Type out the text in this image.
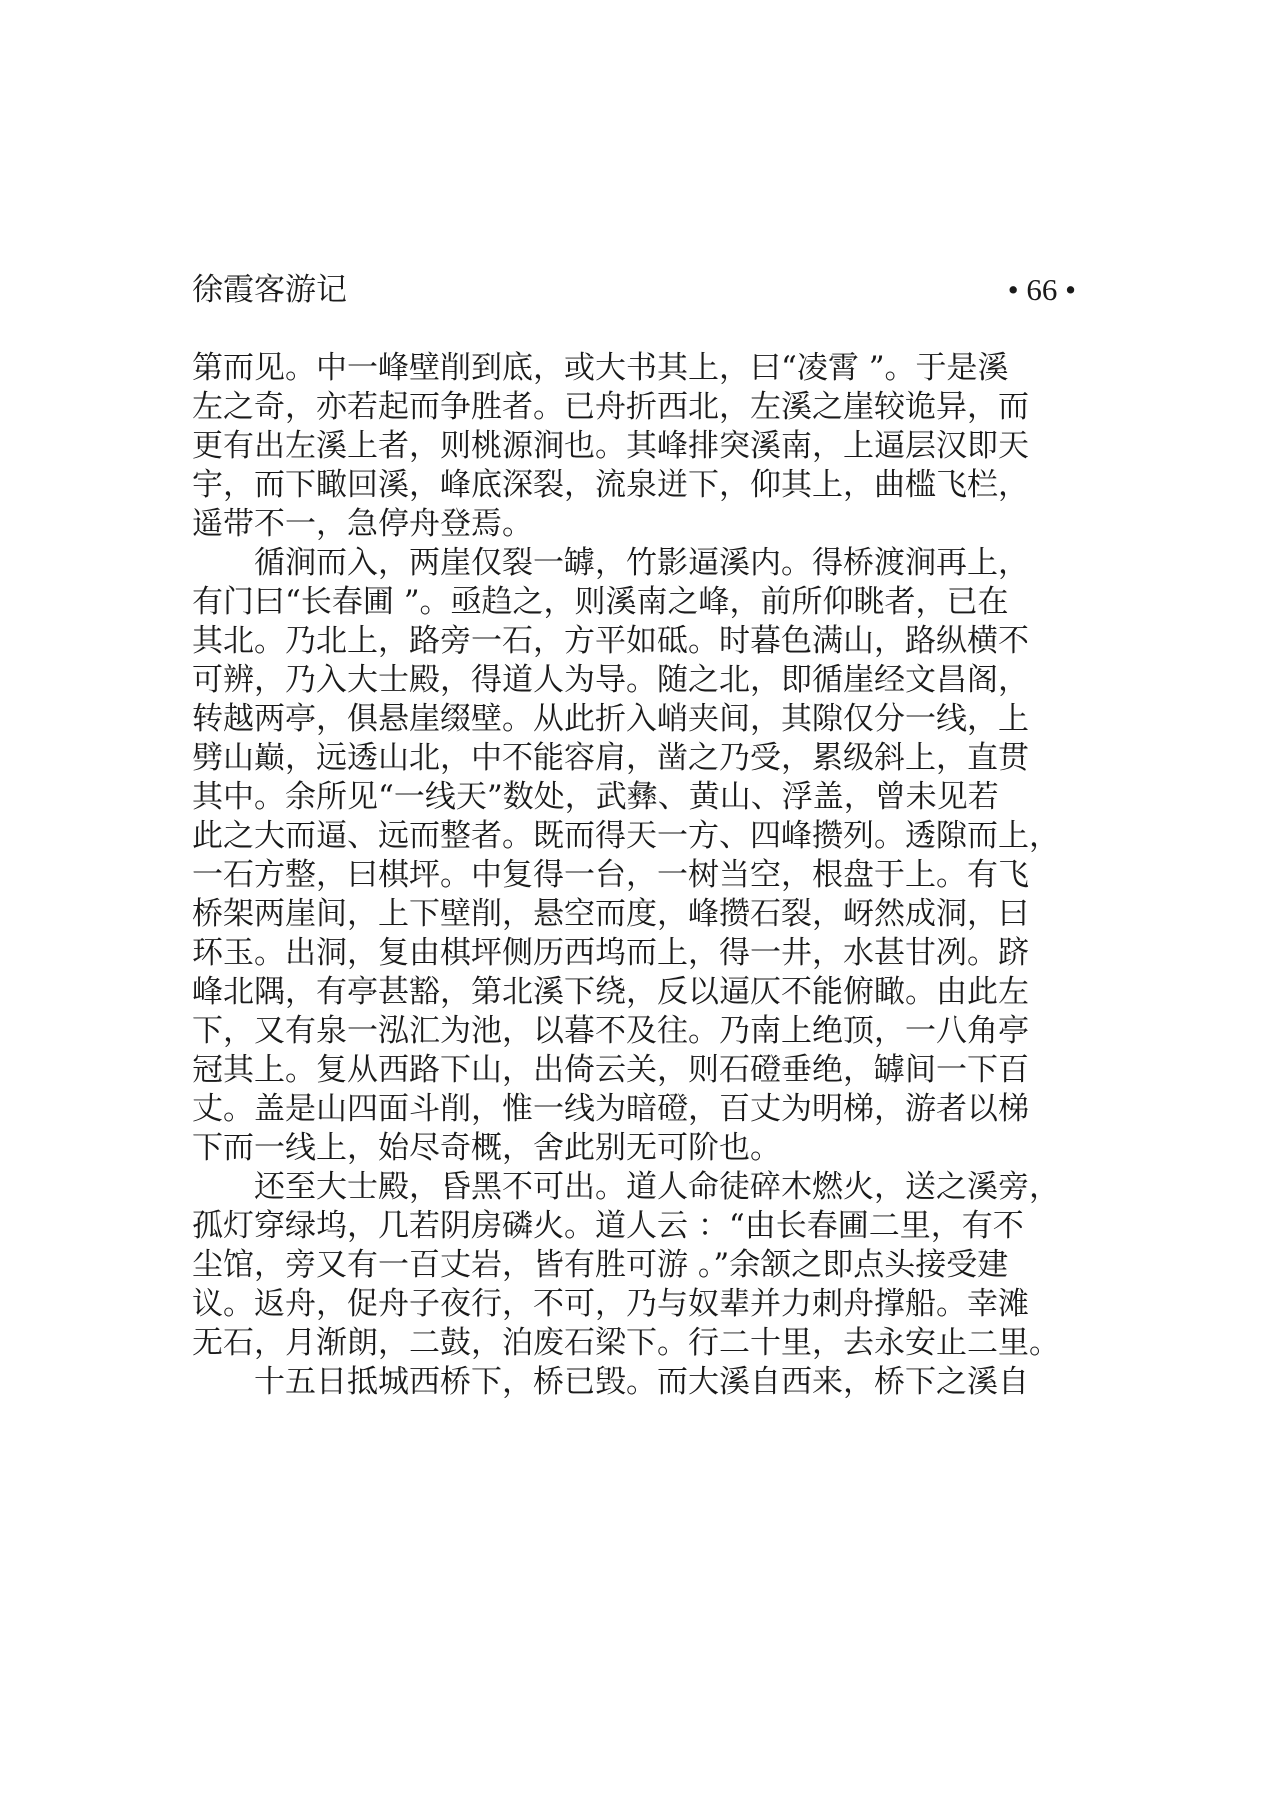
徐霞客游记	• 66 •
第而见。中一峰壁削到底，或大书其上，曰“凌霄 ”。于是溪
左之奇，亦若起而争胜者。已舟折西北，左溪之崖较诡异，而
更有出左溪上者，则桃源涧也。其峰排突溪南，上逼层汉即天
宇，而下瞰回溪，峰底深裂，流泉迸下，仰其上，曲槛飞栏，
遥带不一，急停舟登焉。
循涧而入，两崖仅裂一罅，竹影逼溪内。得桥渡涧再上，
有门曰“长春圃 ”。亟趋之，则溪南之峰，前所仰眺者，已在
其北。乃北上，路旁一石，方平如砥。时暮色满山，路纵横不
可辨，乃入大士殿，得道人为导。随之北，即循崖经文昌阁，
转越两亭，俱悬崖缀壁。从此折入峭夹间，其隙仅分一线，上
劈山巅，远透山北，中不能容肩，凿之乃受，累级斜上，直贯
其中。余所见“一线天”数处，武彝、黄山、浮盖，曾未见若
此之大而逼、远而整者。既而得天一方、四峰攒列。透隙而上，
一石方整，曰棋坪。中复得一台，一树当空，根盘于上。有飞
桥架两崖间，上下壁削，悬空而度，峰攒石裂，岈然成洞，曰
环玉。出洞，复由棋坪侧历西坞而上，得一井，水甚甘冽。跻
峰北隅，有亭甚豁，第北溪下绕，反以逼仄不能俯瞰。由此左
下，又有泉一泓汇为池，以暮不及往。乃南上绝顶，一八角亭
冠其上。复从西路下山，出倚云关，则石磴垂绝，罅间一下百
丈。盖是山四面斗削，惟一线为暗磴，百丈为明梯，游者以梯
下而一线上，始尽奇概，舍此别无可阶也。
还至大士殿，昏黑不可出。道人命徒碎木燃火，送之溪旁，
孤灯穿绿坞，几若阴房磷火。道人云 ：“由长春圃二里，有不
尘馆，旁又有一百丈岩，皆有胜可游 。”余颔之即点头接受建
议。返舟，促舟子夜行，不可，乃与奴辈并力刺舟撑船。幸滩
无石，月渐朗，二鼓，泊废石梁下。行二十里，去永安止二里。
十五日抵城西桥下，桥已毁。而大溪自西来，桥下之溪自
